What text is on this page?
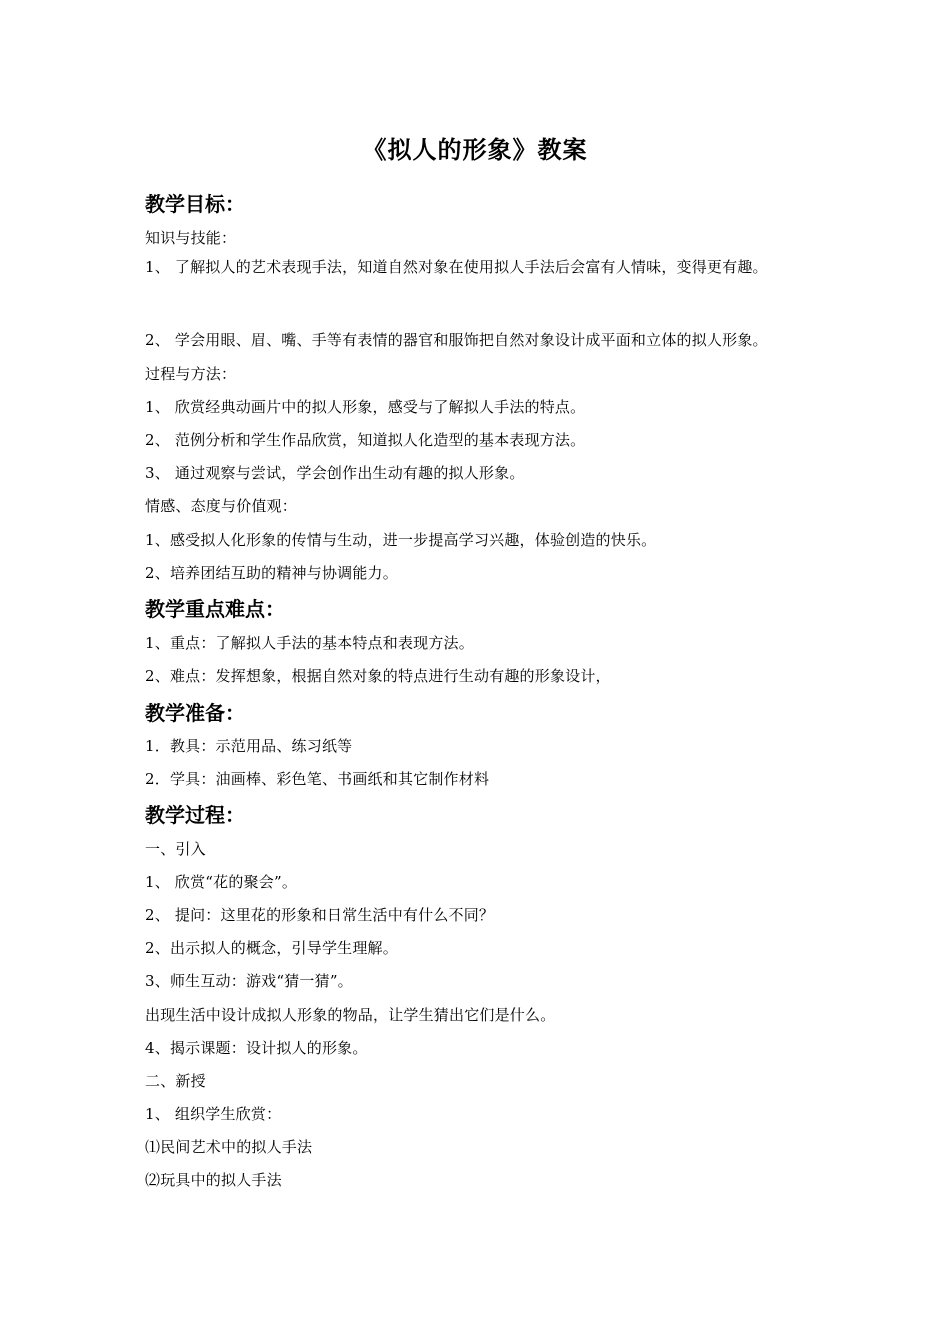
《拟人的形象》教案
教学目标：
知识与技能：
1、 了解拟人的艺术表现手法，知道自然对象在使用拟人手法后会富有人情味，变得更有趣。
2、 学会用眼、眉、嘴、手等有表情的器官和服饰把自然对象设计成平面和立体的拟人形象。
过程与方法：
1、 欣赏经典动画片中的拟人形象，感受与了解拟人手法的特点。
2、 范例分析和学生作品欣赏，知道拟人化造型的基本表现方法。
3、 通过观察与尝试，学会创作出生动有趣的拟人形象。
情感、态度与价值观：
1、感受拟人化形象的传情与生动，进一步提高学习兴趣，体验创造的快乐。
2、培养团结互助的精神与协调能力。
教学重点难点：
1、重点：了解拟人手法的基本特点和表现方法。
2、难点：发挥想象，根据自然对象的特点进行生动有趣的形象设计，
教学准备：
1．教具：示范用品、练习纸等
2．学具：油画棒、彩色笔、书画纸和其它制作材料
教学过程：
一、引入
1、 欣赏“花的聚会”。
2、 提问：这里花的形象和日常生活中有什么不同？
2、出示拟人的概念，引导学生理解。
3、师生互动：游戏“猜一猜”。
出现生活中设计成拟人形象的物品，让学生猜出它们是什么。
4、揭示课题：设计拟人的形象。
二、新授
1、 组织学生欣赏：
⑴民间艺术中的拟人手法
⑵玩具中的拟人手法
